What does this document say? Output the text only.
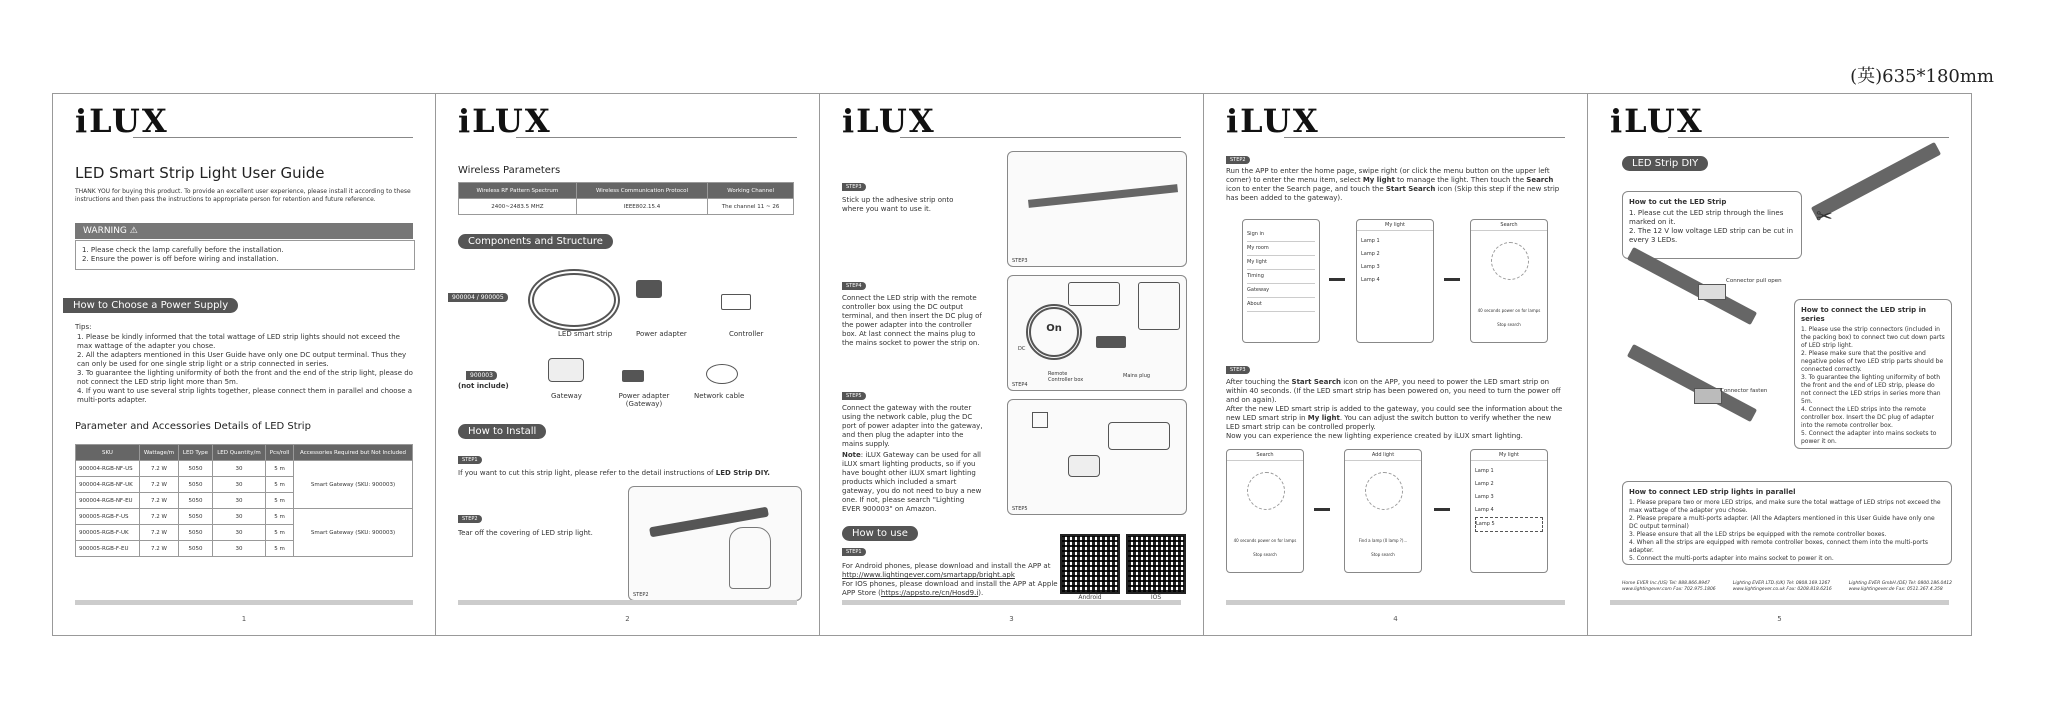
(英)635*180mm
iLUX
LED Smart Strip Light User Guide
THANK YOU for buying this product. To provide an excellent user experience, please install it according to these instructions and then pass the instructions to appropriate person for retention and future reference.
WARNING ⚠
1. Please check the lamp carefully before the installation.
2. Ensure the power is off before wiring and installation.
How to Choose a Power Supply
Tips:
1. Please be kindly informed that the total wattage of LED strip lights should not exceed the max wattage of the adapter you chose.
2. All the adapters mentioned in this User Guide have only one DC output terminal. Thus they can only be used for one single strip light or a strip connected in series.
3. To guarantee the lighting uniformity of both the front and the end of the strip light, please do not connect the LED strip light more than 5m.
4. If you want to use several strip lights together, please connect them in parallel and choose a multi-ports adapter.
Parameter and Accessories Details of LED Strip
SKU	Wattage/m	LED Type	LED Quantity/m	Pcs/roll	Accessories Required but Not Included
900004-RGB-NF-US	7.2 W	5050	30	5 m	Smart Gateway (SKU: 900003)
900004-RGB-NF-UK	7.2 W	5050	30	5 m	
900004-RGB-NF-EU	7.2 W	5050	30	5 m	
900005-RGB-F-US	7.2 W	5050	30	5 m	Smart Gateway (SKU: 900003)
900005-RGB-F-UK	7.2 W	5050	30	5 m	
900005-RGB-F-EU	7.2 W	5050	30	5 m	
1
iLUX
Wireless Parameters
Wireless RF Pattern Spectrum	Wireless Communication Protocol	Working Channel
2400~2483.5 MHZ	IEEE802.15.4	The channel 11 ~ 26
Components and Structure
900004 / 900005
LED smart strip	Power adapter	Controller
900003
(not include)
Gateway	Power adapter (Gateway)
Network cable
How to Install
STEP1
If you want to cut this strip light, please refer to the detail instructions of LED Strip DIY.
STEP2
Tear off the covering of LED strip light.
STEP2
2
iLUX
STEP3
Stick up the adhesive strip onto where you want to use it.
STEP3
STEP4
Connect the LED strip with the remote controller box using the DC output terminal, and then insert the DC plug of the power adapter into the controller box. At last connect the mains plug to the mains socket to power the strip on.
On
DC
Remote Controller box
Mains plug
STEP4
STEP5
Connect the gateway with the router using the network cable, plug the DC port of power adapter into the gateway, and then plug the adapter into the mains supply.
Note: iLUX Gateway can be used for all iLUX smart lighting products, so if you have bought other iLUX smart lighting products which included a smart gateway, you do not need to buy a new one. If not, please search "Lighting EVER 900003" on Amazon.	STEP5
How to use
STEP1
For Android phones, please download and install the APP at
http://www.lightingever.com/smartapp/bright.apk
For IOS phones, please download and install the APP at Apple APP Store (https://appsto.re/cn/Hosd9.i).
Android	IOS
3
iLUX
STEP2
Run the APP to enter the home page, swipe right (or click the menu button on the upper left corner) to enter the menu item, select My light to manage the light. Then touch the Search icon to enter the Search page, and touch the Start Search icon (Skip this step if the new strip has been added to the gateway).
Sign in
My room
My light
Timing
Gateway
About
My light
Lamp 1
Lamp 2
Lamp 3
Lamp 4
Search
40 seconds power on for lamps
Stop search
STEP3
After touching the Start Search icon on the APP, you need to power the LED smart strip on within 40 seconds. (If the LED smart strip has been powered on, you need to turn the power off and on again).
After the new LED smart strip is added to the gateway, you could see the information about the new LED smart strip in My light. You can adjust the switch button to verify whether the new LED smart strip can be controlled properly.
Now you can experience the new lighting experience created by iLUX smart lighting.
Search
40 seconds power on for lamps
Stop search
Add light
Find a lamp (0 lamp ?)...
Stop search
My light
Lamp 1
Lamp 2
Lamp 3
Lamp 4
Lamp 5
4
iLUX
LED Strip DIY
How to cut the LED Strip
1. Please cut the LED strip through the lines marked on it.
2. The 12 V low voltage LED strip can be cut in every 3 LEDs.
✂
Connector pull open
Connector fasten
How to connect the LED strip in series
1. Please use the strip connectors (included in the packing box) to connect two cut down parts of LED strip light.
2. Please make sure that the positive and negative poles of two LED strip parts should be connected correctly.
3. To guarantee the lighting uniformity of both the front and the end of LED strip, please do not connect the LED strips in series more than 5m.
4. Connect the LED strips into the remote controller box. Insert the DC plug of adapter into the remote controller box.
5. Connect the adapter into mains sockets to power it on.
How to connect LED strip lights in parallel
1. Please prepare two or more LED strips, and make sure the total wattage of LED strips not exceed the max wattage of the adapter you chose.
2. Please prepare a multi-ports adapter. (All the Adapters mentioned in this User Guide have only one DC output terminal)
3. Please ensure that all the LED strips be equipped with the remote controller boxes.
4. When all the strips are equipped with remote controller boxes, connect them into the multi-ports adapter.
5. Connect the multi-ports adapter into mains socket to power it on.
Home EVER Inc.(US) Tel: 888.866.8947
www.lightingever.com Fax: 702.975.1806
Lighting EVER LTD.(UK) Tel: 0808.169.1267
www.lightingever.co.uk Fax: 0208.818.6216
Lighting EVER GmbH.(DE) Tel: 0800.186.0412
www.lightingever.de Fax: 0511.367.4.358
5
